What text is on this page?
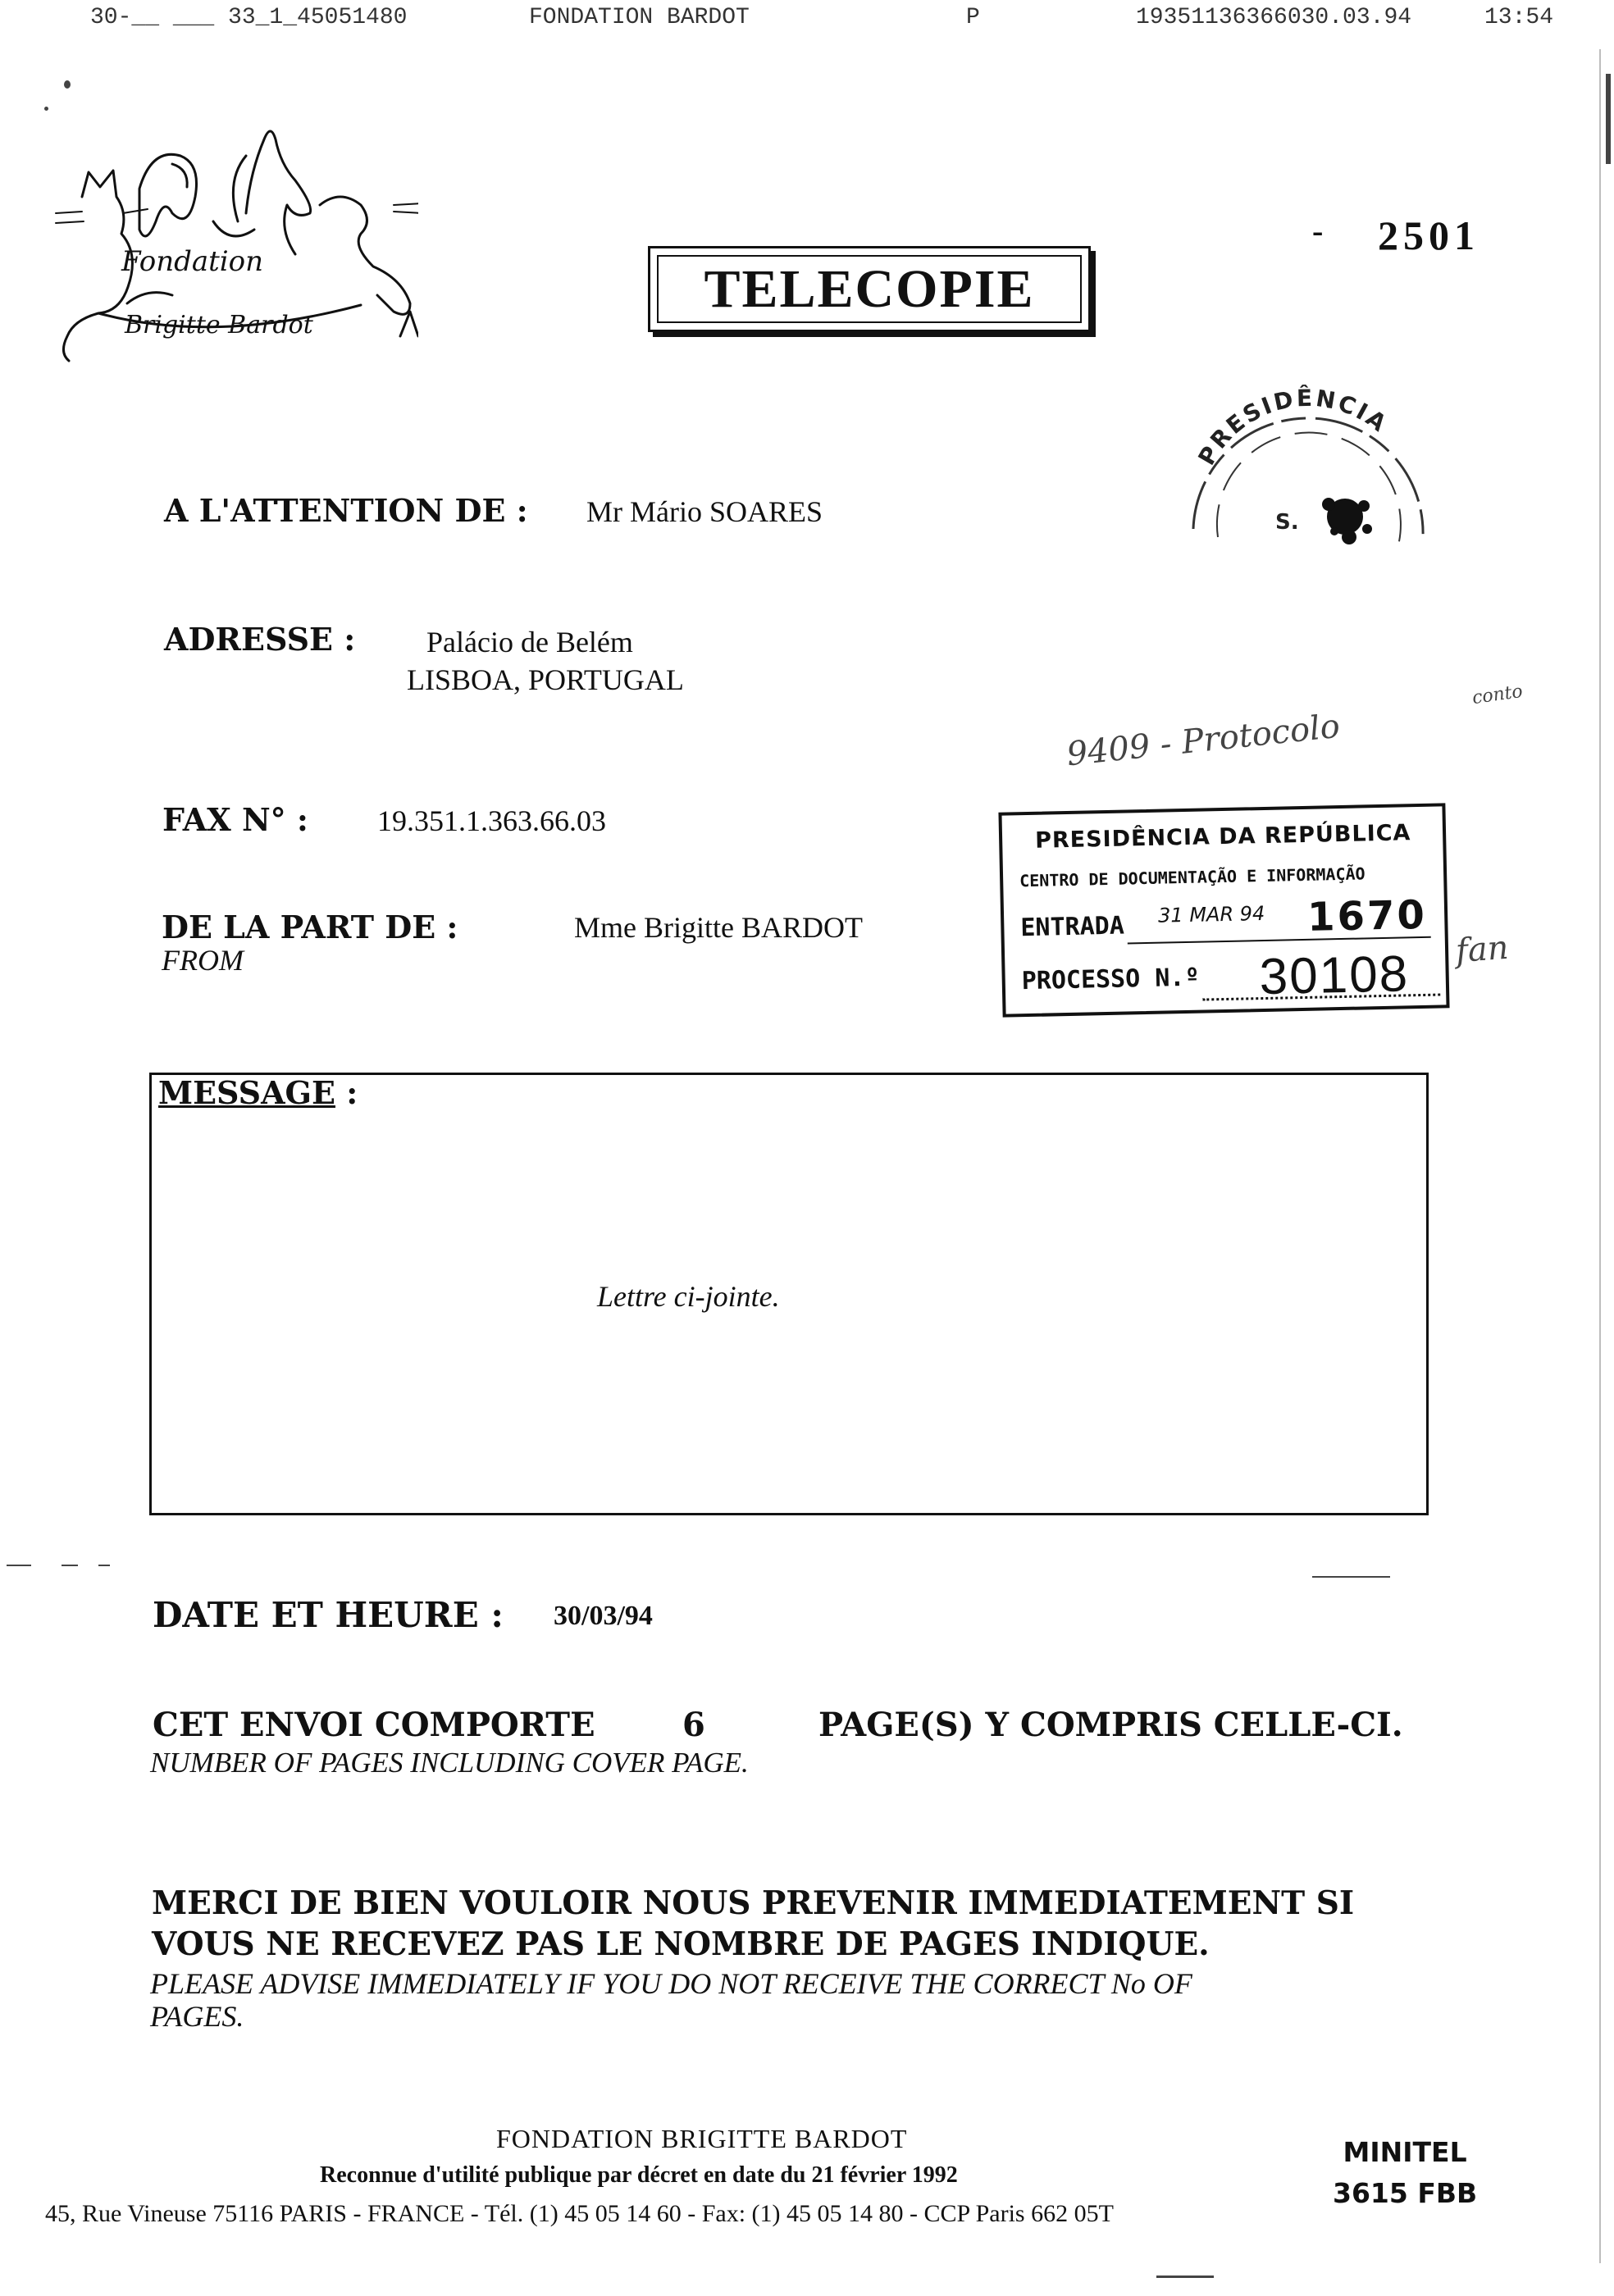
30-__ ___ 33_1_45051480

	FONDATION BARDOT

	P

	19351136366030.03.94

	13:54

Fondation
Brigitte Bardot
‑ 2501
TELECOPIE
PRESIDÊNCIA
S.
A L'ATTENTION DE : Mr Mário SOARES
ADRESSE : Palácio de Belém
LISBOA, PORTUGAL
9409 - Protocolo
conto
FAX N° : 19.351.1.363.66.03
DE LA PART DE :
FROM
Mme Brigitte BARDOT
PRESIDÊNCIA DA REPÚBLICA
CENTRO DE DOCUMENTAÇÃO E INFORMAÇÃO
ENTRADA 31 MAR 94 1670
PROCESSO N.º 30108 fan
MESSAGE :
Lettre ci-jointe.
DATE ET HEURE : 30/03/94
CET ENVOI COMPORTE	6	PAGE(S) Y COMPRIS CELLE-CI.
NUMBER OF PAGES INCLUDING COVER PAGE.
MERCI DE BIEN VOULOIR NOUS PREVENIR IMMEDIATEMENT SI
VOUS NE RECEVEZ PAS LE NOMBRE DE PAGES INDIQUE.
PLEASE ADVISE IMMEDIATELY IF YOU DO NOT RECEIVE THE CORRECT No OF
PAGES.
FONDATION BRIGITTE BARDOT
Reconnue d'utilité publique par décret en date du 21 février 1992
45, Rue Vineuse 75116 PARIS - FRANCE - Tél. (1) 45 05 14 60 - Fax: (1) 45 05 14 80 - CCP Paris 662 05T
MINITEL
3615 FBB
